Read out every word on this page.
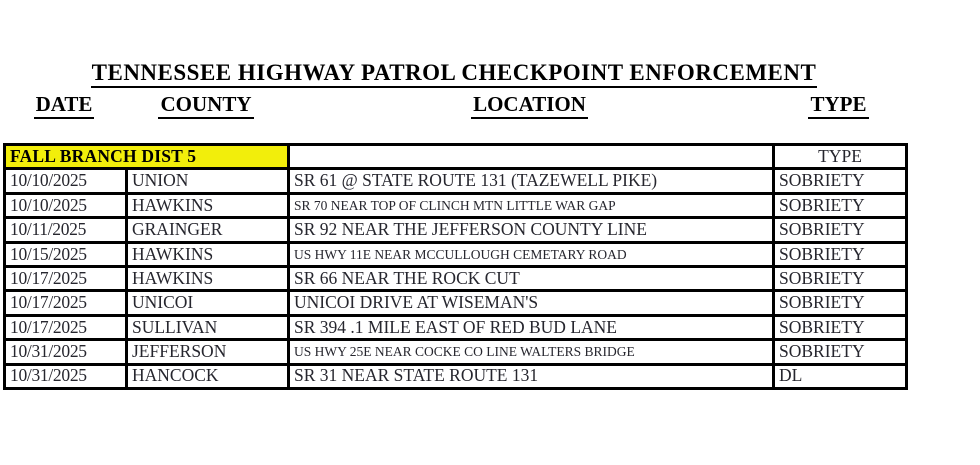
TENNESSEE HIGHWAY PATROL CHECKPOINT ENFORCEMENT
DATE	COUNTY	LOCATION	TYPE
FALL BRANCH DIST 5			TYPE
10/10/2025	UNION	SR 61 @ STATE ROUTE 131 (TAZEWELL PIKE)	SOBRIETY
10/10/2025	HAWKINS	SR 70 NEAR TOP OF CLINCH MTN LITTLE WAR GAP	SOBRIETY
10/11/2025	GRAINGER	SR 92 NEAR THE JEFFERSON COUNTY LINE	SOBRIETY
10/15/2025	HAWKINS	US HWY 11E NEAR MCCULLOUGH CEMETARY ROAD	SOBRIETY
10/17/2025	HAWKINS	SR 66 NEAR THE ROCK CUT	SOBRIETY
10/17/2025	UNICOI	UNICOI DRIVE AT WISEMAN'S	SOBRIETY
10/17/2025	SULLIVAN	SR 394 .1 MILE EAST OF RED BUD LANE	SOBRIETY
10/31/2025	JEFFERSON	US HWY 25E NEAR COCKE CO LINE WALTERS BRIDGE	SOBRIETY
10/31/2025	HANCOCK	SR 31 NEAR STATE ROUTE 131	DL
